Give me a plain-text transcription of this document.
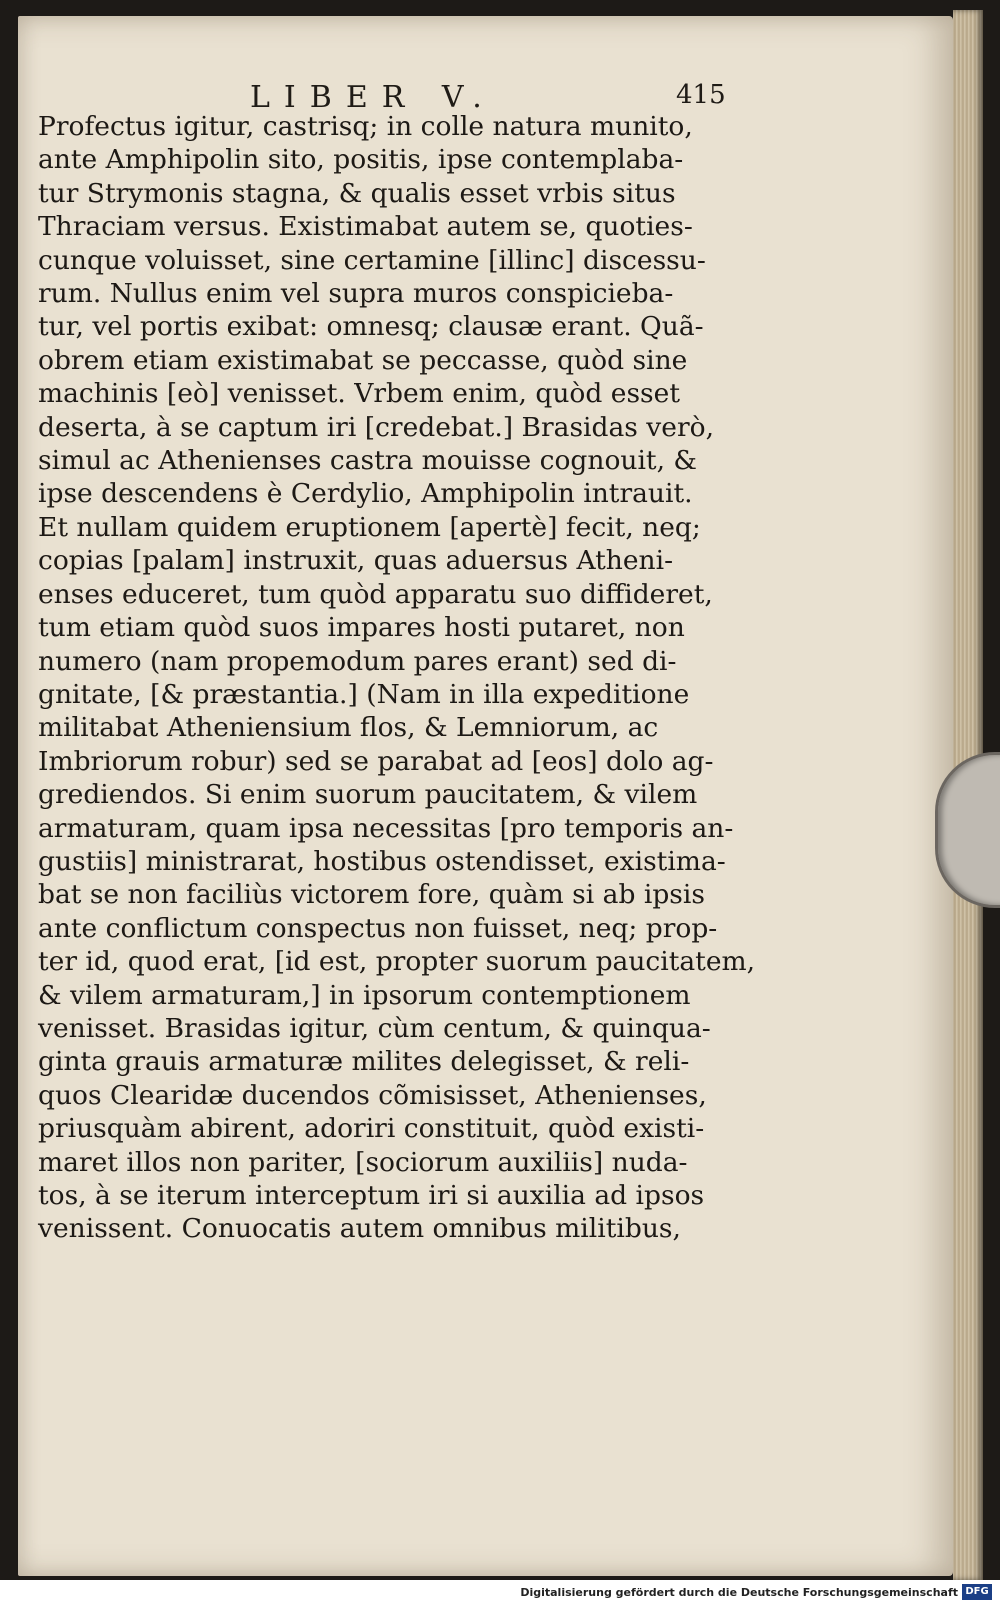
LIBER V.	415
Profectus igitur, castrisq; in colle natura munito,
ante Amphipolin sito, positis, ipse contemplaba-
tur Strymonis stagna, & qualis esset vrbis situs
Thraciam versus. Existimabat autem se, quoties-
cunque voluisset, sine certamine [illinc] discessu-
rum. Nullus enim vel supra muros conspicieba-
tur, vel portis exibat: omnesq; clausæ erant. Quã-
obrem etiam existimabat se peccasse, quòd sine
machinis [eò] venisset. Vrbem enim, quòd esset
deserta, à se captum iri [credebat.] Brasidas verò,
simul ac Athenienses castra mouisse cognouit, &
ipse descendens è Cerdylio, Amphipolin intrauit.
Et nullam quidem eruptionem [apertè] fecit, neq;
copias [palam] instruxit, quas aduersus Atheni-
enses educeret, tum quòd apparatu suo diffideret,
tum etiam quòd suos impares hosti putaret, non
numero (nam propemodum pares erant) sed di-
gnitate, [& præstantia.] (Nam in illa expeditione
militabat Atheniensium flos, & Lemniorum, ac
Imbriorum robur) sed se parabat ad [eos] dolo ag-
grediendos. Si enim suorum paucitatem, & vilem
armaturam, quam ipsa necessitas [pro temporis an-
gustiis] ministrarat, hostibus ostendisset, existima-
bat se non faciliùs victorem fore, quàm si ab ipsis
ante conflictum conspectus non fuisset, neq; prop-
ter id, quod erat, [id est, propter suorum paucitatem,
& vilem armaturam,] in ipsorum contemptionem
venisset. Brasidas igitur, cùm centum, & quinqua-
ginta grauis armaturæ milites delegisset, & reli-
quos Clearidæ ducendos cõmisisset, Athenienses,
priusquàm abirent, adoriri constituit, quòd existi-
maret illos non pariter, [sociorum auxiliis] nuda-
tos, à se iterum interceptum iri si auxilia ad ipsos
venissent. Conuocatis autem omnibus militibus,
Digitalisierung gefördert durch die Deutsche Forschungsgemeinschaft DFG
